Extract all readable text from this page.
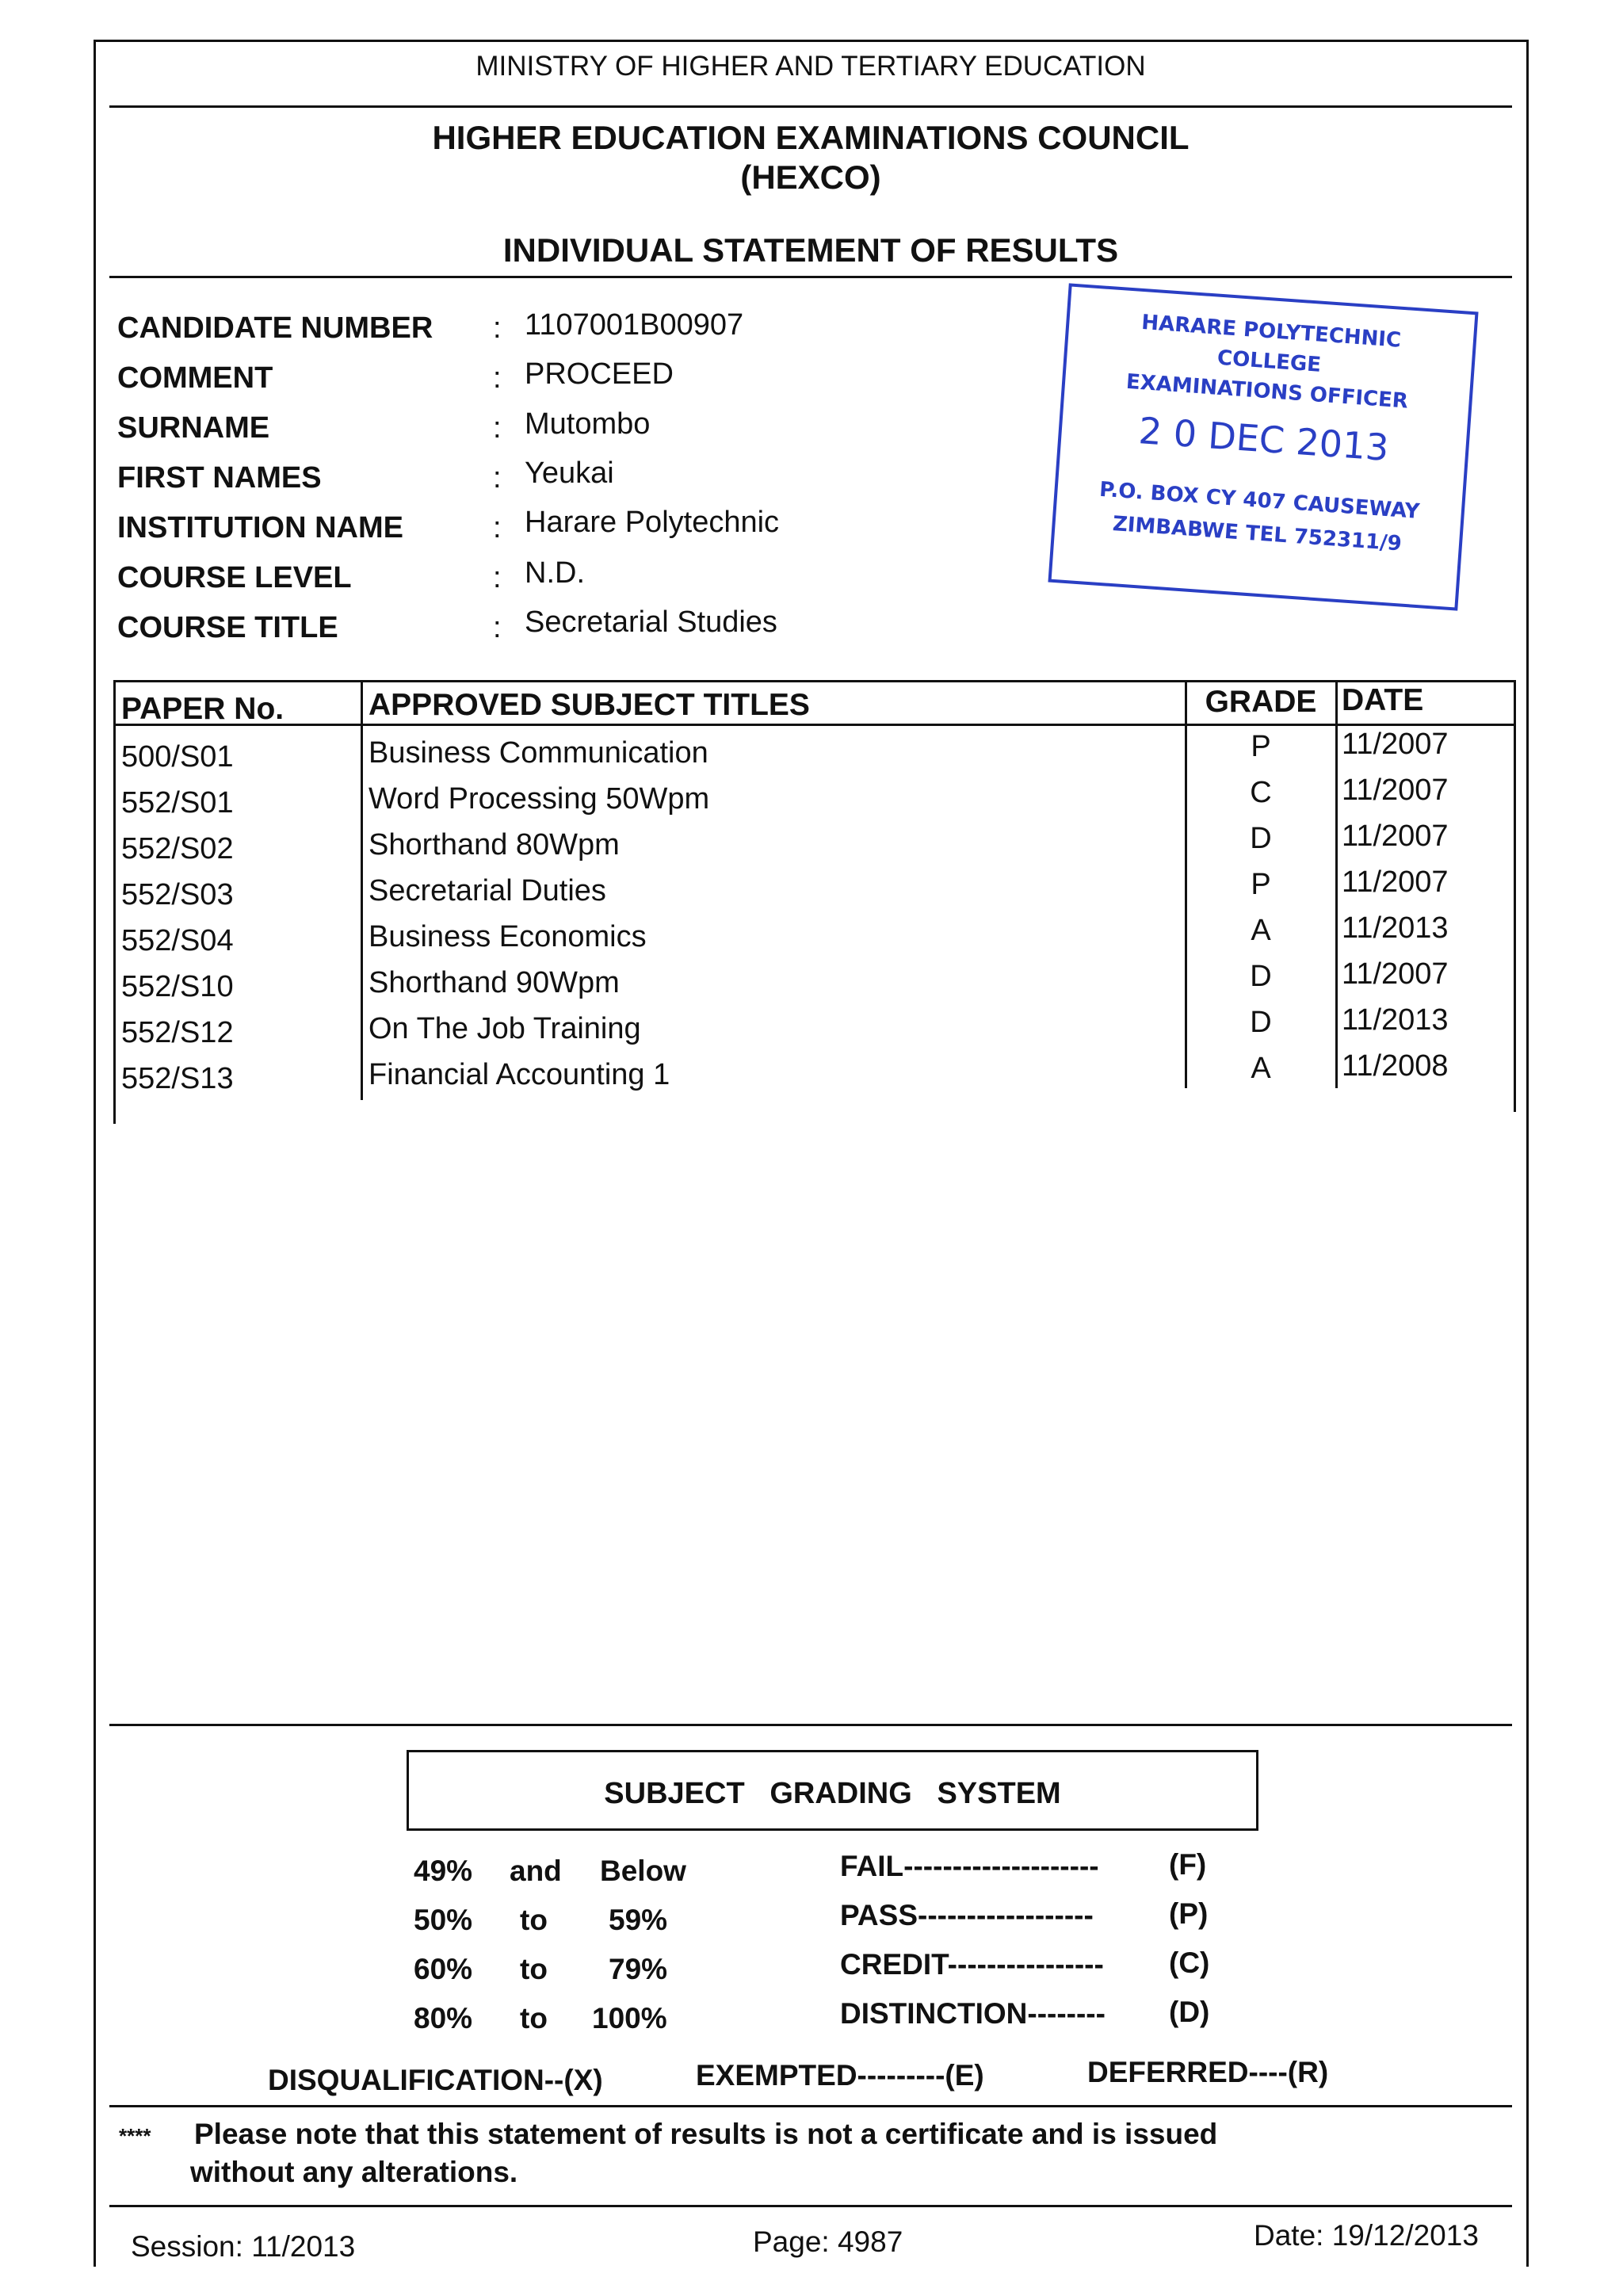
MINISTRY OF HIGHER AND TERTIARY EDUCATION
HIGHER EDUCATION EXAMINATIONS COUNCIL
(HEXCO)
INDIVIDUAL STATEMENT OF RESULTS
CANDIDATE NUMBER : 1107001B00907
COMMENT	: PROCEED
SURNAME	: Mutombo
FIRST NAMES	: Yeukai
INSTITUTION NAME	: Harare Polytechnic
COURSE LEVEL	: N.D.
COURSE TITLE	: Secretarial Studies
HARARE POLYTECHNIC
COLLEGE
EXAMINATIONS OFFICER
2 0 DEC 2013
P.O. BOX CY 407 CAUSEWAY
ZIMBABWE TEL 752311/9
PAPER No.	APPROVED SUBJECT TITLES	GRADE DATE
500/S01	Business Communication	P	11/2007
552/S01	Word Processing 50Wpm	C	11/2007
552/S02	Shorthand 80Wpm	D	11/2007
552/S03	Secretarial Duties	P	11/2007
552/S04	Business Economics	A	11/2013
552/S10	Shorthand 90Wpm	D	11/2007
552/S12	On The Job Training	D	11/2013
552/S13	Financial Accounting 1	A	11/2008
SUBJECT   GRADING   SYSTEM
49% and Below	FAIL-------------------- (F)
50% to 59%	PASS------------------	(P)
60% to 79%	CREDIT---------------- (C)
80% to 100%	DISTINCTION-------- (D)
DISQUALIFICATION--(X)	EXEMPTED---------(E)	DEFERRED----(R)
**** Please note that this statement of results is not a certificate and is issued
without any alterations.
Session: 11/2013	Page: 4987	Date: 19/12/2013
